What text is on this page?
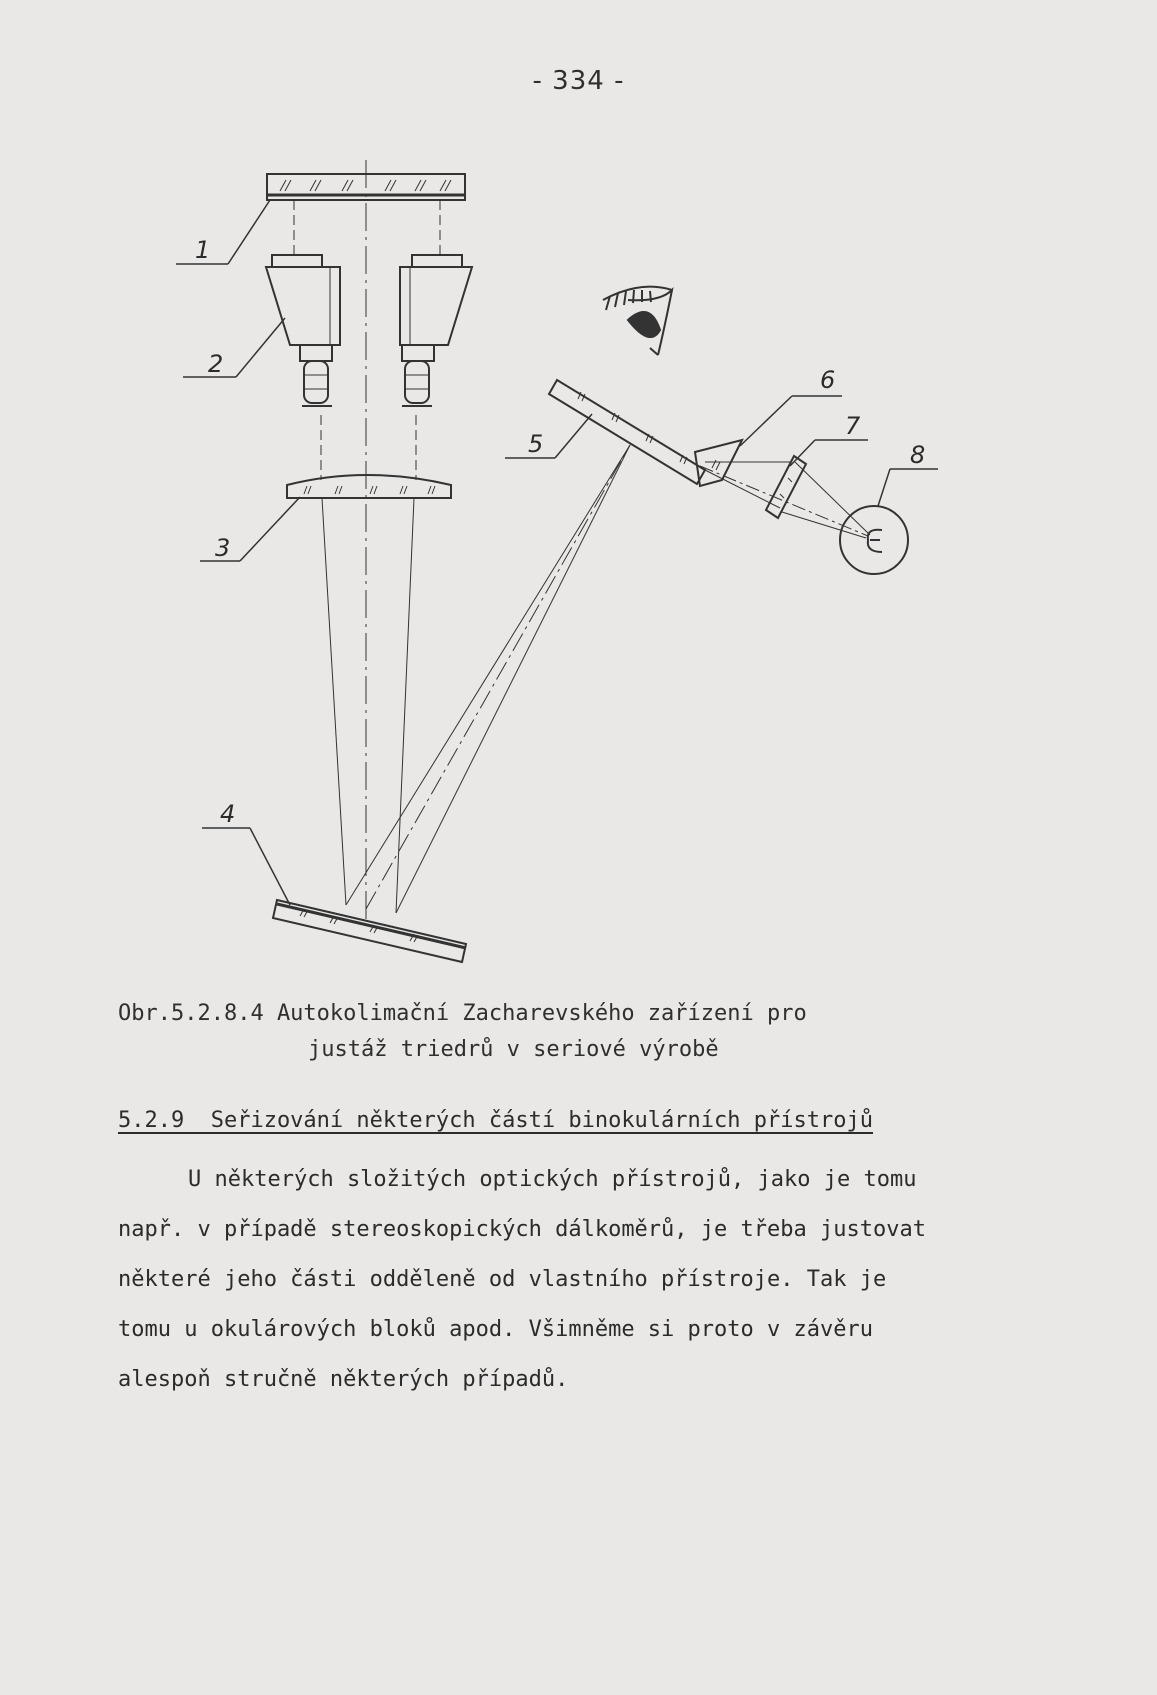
- 334 -
1
2
3
4
5
6
7
8
Obr.5.2.8.4 Autokolimační Zacharevského zařízení pro

justáž triedrů v seriové výrobě
5.2.9  Seřizování některých částí binokulárních přístrojů
U některých složitých optických přístrojů, jako je tomu
např. v případě stereoskopických dálkoměrů, je třeba justovat
některé jeho části odděleně od vlastního přístroje. Tak je
tomu u okulárových bloků apod. Všimněme si proto v závěru
alespoň stručně některých případů.
